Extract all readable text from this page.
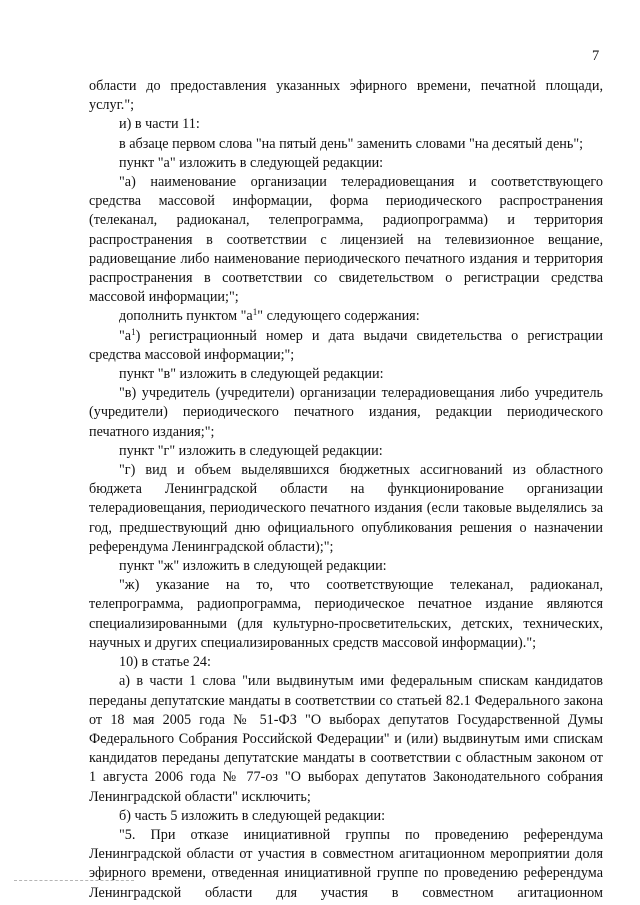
7

области до предоставления указанных эфирного времени, печатной площади, услуг.";

и) в части 11:

в абзаце первом слова "на пятый день" заменить словами "на десятый день";

пункт "а" изложить в следующей редакции:

"а) наименование организации телерадиовещания и соответствующего средства массовой информации, форма периодического распространения (телеканал, радиоканал, телепрограмма, радиопрограмма) и территория распространения в соответствии с лицензией на телевизионное вещание, радиовещание либо наименование периодического печатного издания и территория распространения в соответствии со свидетельством о регистрации средства массовой информации;";

дополнить пунктом "$а^1$" следующего содержания:

"$а^1$) регистрационный номер и дата выдачи свидетельства о регистрации средства массовой информации;";

пункт "в" изложить в следующей редакции:

"в) учредитель (учредители) организации телерадиовещания либо учредитель (учредители) периодического печатного издания, редакции периодического печатного издания;";

пункт "г" изложить в следующей редакции:

"г) вид и объем выделявшихся бюджетных ассигнований из областного бюджета Ленинградской области на функционирование организации телерадиовещания, периодического печатного издания (если таковые выделялись за год, предшествующий дню официального опубликования решения о назначении референдума Ленинградской области);";

пункт "ж" изложить в следующей редакции:

"ж) указание на то, что соответствующие телеканал, радиоканал, телепрограмма, радиопрограмма, периодическое печатное издание являются специализированными (для культурно-просветительских, детских, технических, научных и других специализированных средств массовой информации).";

10) в статье 24:

а) в части 1 слова "или выдвинутым ими федеральным спискам кандидатов переданы депутатские мандаты в соответствии со статьей 82.1 Федерального закона от 18 мая 2005 года № 51-ФЗ "О выборах депутатов Государственной Думы Федерального Собрания Российской Федерации" и (или) выдвинутым ими спискам кандидатов переданы депутатские мандаты в соответствии с областным законом от 1 августа 2006 года № 77-оз "О выборах депутатов Законодательного собрания Ленинградской области" исключить;

б) часть 5 изложить в следующей редакции:

"5. При отказе инициативной группы по проведению референдума Ленинградской области от участия в совместном агитационном мероприятии доля эфирного времени, отведенная инициативной группе по проведению референдума Ленинградской области для участия в совместном агитационном
